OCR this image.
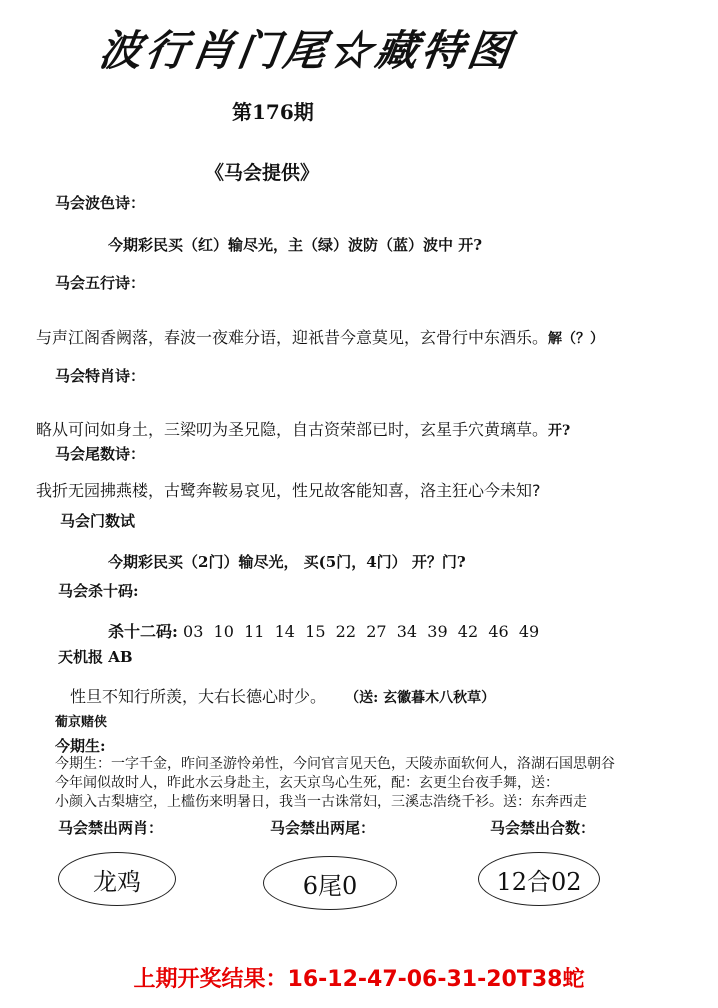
波行肖门尾☆藏特图
第176期
《马会提供》
马会波色诗：
今期彩民买（红）输尽光，主（绿）波防（蓝）波中 开?
马会五行诗：
与声江阁香阙落，春波一夜难分语，迎祇昔今意莫见，玄骨行中东酒乐。解（？）
马会特肖诗：
略从可问如身土，三梁叨为圣兄隐，自古资荣部已时，玄星手穴黄璃草。开?
马会尾数诗：
我折无园拂燕楼，古鹭奔鞍易哀见，性兄故客能知喜，洛主狂心今未知?
马会门数试
今期彩民买（2门）输尽光， 买(5门，4门） 开？门?
马会杀十码:
杀十二码: 03  10  11  14  15  22  27  34  39  42  46  49
天机报 AB
性旦不知行所羡，大右长德心时少。 （送: 玄徽暮木八秋草）
葡京赌侠
今期生:
今期生：一字千金，昨问圣游怜弟性，今问官言见天色，天陵赤面软何人，洛湖石国思朝谷
今年闻似故时人，昨此水云身赴主，玄天京鸟心生死，配：玄更尘台夜手舞，送：
小颜入古梨塘空，上槛伤来明暑日，我当一古诛常妇，三溪志浩绕千衫。送：东奔西走
马会禁出两肖：	马会禁出两尾：	马会禁出合数：
龙鸡	6尾0	12合02
上期开奖结果：16-12-47-06-31-20T38蛇
